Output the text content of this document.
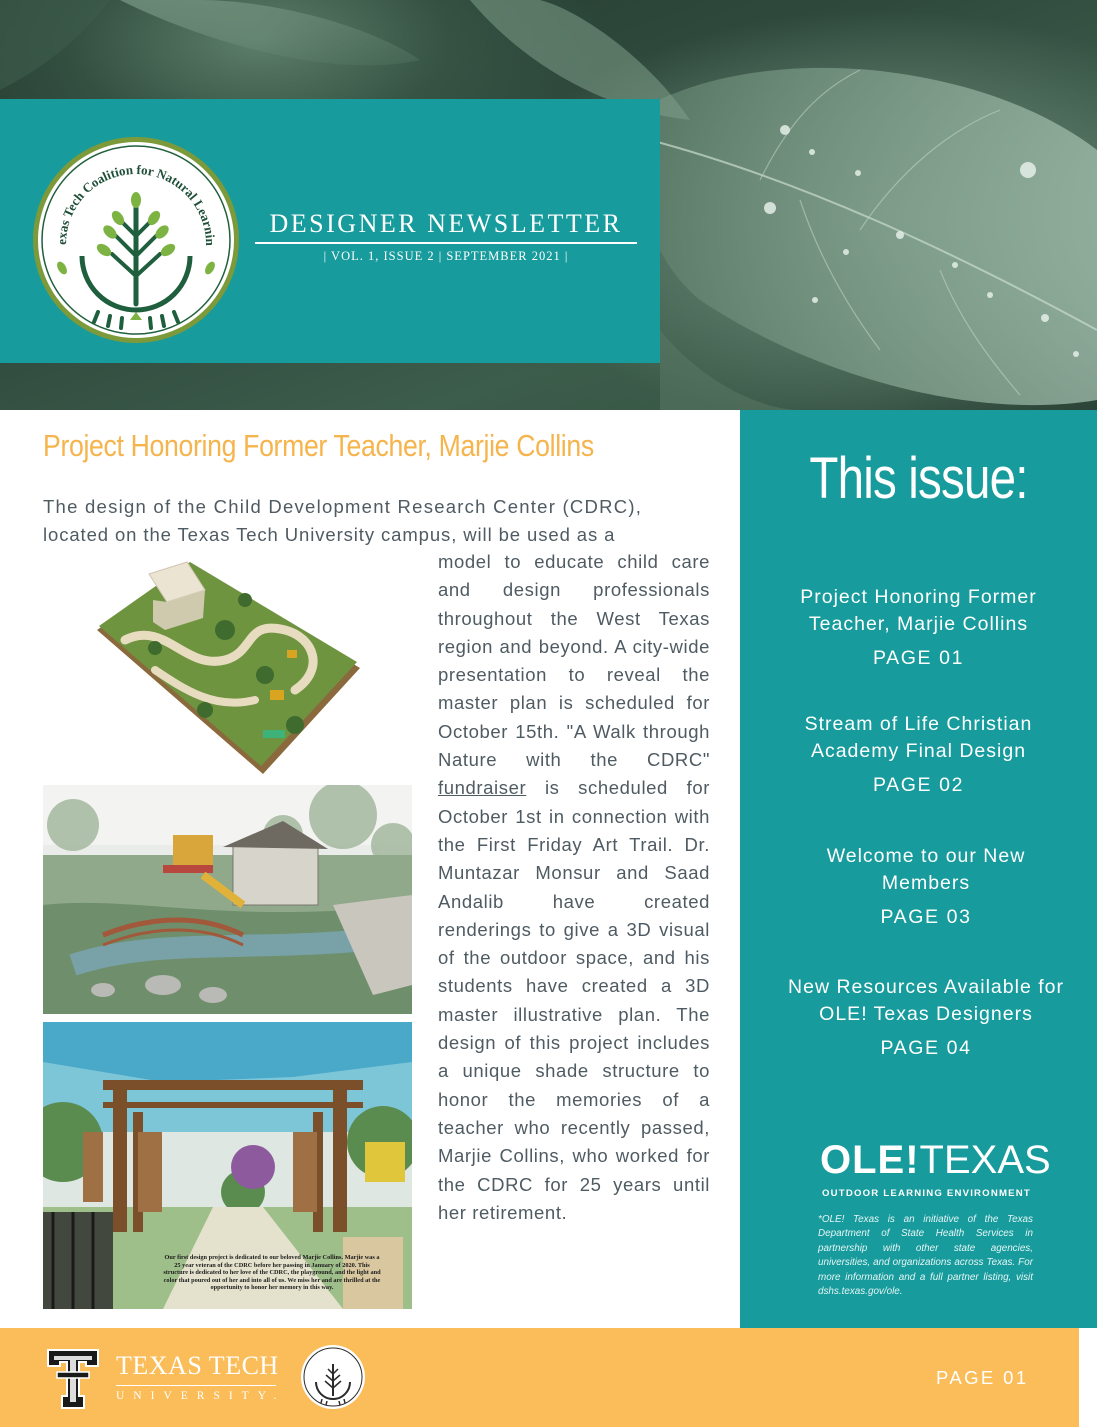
exas Tech Coalition for Natural Learnin
DESIGNER NEWSLETTER
| VOL. 1, ISSUE 2 | SEPTEMBER 2021 |
Project Honoring Former Teacher, Marjie Collins
The design of the Child Development Research Center (CDRC),
located on the Texas Tech University campus, will be used as a
model to educate child care and design professionals throughout the West Texas region and beyond. A city-wide presentation to reveal the master plan is scheduled for October 15th. "A Walk through Nature with the CDRC" fundraiser is scheduled for October 1st in connection with the First Friday Art Trail. Dr. Muntazar Monsur and Saad Andalib have created renderings to give a 3D visual of the outdoor space, and his students have created a 3D master illustrative plan. The design of this project includes a unique shade structure to honor the memories of a teacher who recently passed, Marjie Collins, who worked for the CDRC for 25 years until her retirement.
Our first design project is dedicated to our beloved Marjie Collins. Marjie was a 25 year veteran of the CDRC before her passing in January of 2020. This structure is dedicated to her love of the CDRC, the playground, and the light and color that poured out of her and into all of us. We miss her and are thrilled at the opportunity to honor her memory in this way.
This issue:
Project Honoring Former Teacher, Marjie Collins
PAGE 01
Stream of Life Christian Academy Final Design
PAGE 02
Welcome to our New Members
PAGE 03
New Resources Available for OLE! Texas Designers
PAGE 04
OLE!TEXAS
OUTDOOR LEARNING ENVIRONMENT
*OLE! Texas is an initiative of the Texas Department of State Health Services in partnership with other state agencies, universities, and organizations across Texas. For more information and a full partner listing, visit dshs.texas.gov/ole.
TEXAS TECH
UNIVERSITY.
PAGE 01
